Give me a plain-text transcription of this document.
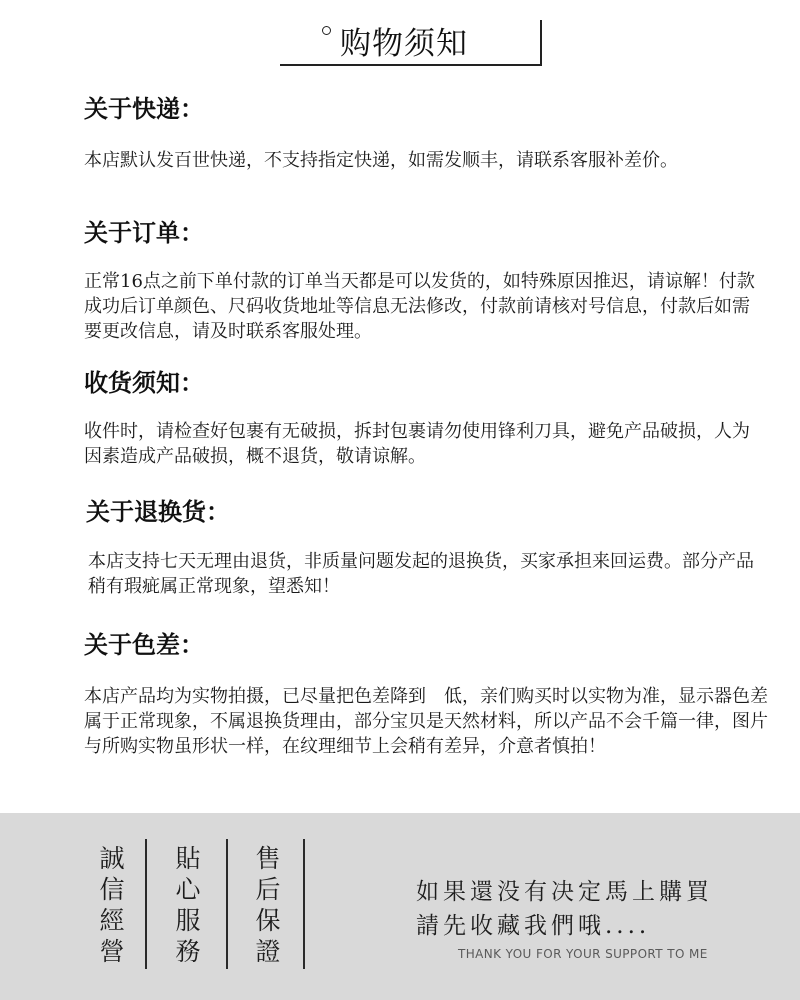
购物须知
关于快递：

本店默认发百世快递，不支持指定快递，如需发顺丰，请联系客服补差价。

关于订单：

正常16点之前下单付款的订单当天都是可以发货的，如特殊原因推迟，请谅解！付款成功后订单颜色、尺码收货地址等信息无法修改，付款前请核对号信息，付款后如需要更改信息，请及时联系客服处理。

收货须知：

收件时，请检查好包裹有无破损，拆封包裹请勿使用锋利刀具，避免产品破损，人为因素造成产品破损，概不退货，敬请谅解。

关于退换货：

本店支持七天无理由退货，非质量问题发起的退换货，买家承担来回运费。部分产品稍有瑕疵属正常现象，望悉知！

关于色差：

本店产品均为实物拍摄，已尽量把色差降到　低，亲们购买时以实物为准，显示器色差属于正常现象，不属退换货理由，部分宝贝是天然材料，所以产品不会千篇一律，图片与所购实物虽形状一样，在纹理细节上会稍有差异，介意者慎拍！

誠
信
經
營
貼
心
服
務
售
后
保
證
如果還没有决定馬上購買
請先收藏我們哦....
THANK YOU FOR YOUR SUPPORT TO ME
